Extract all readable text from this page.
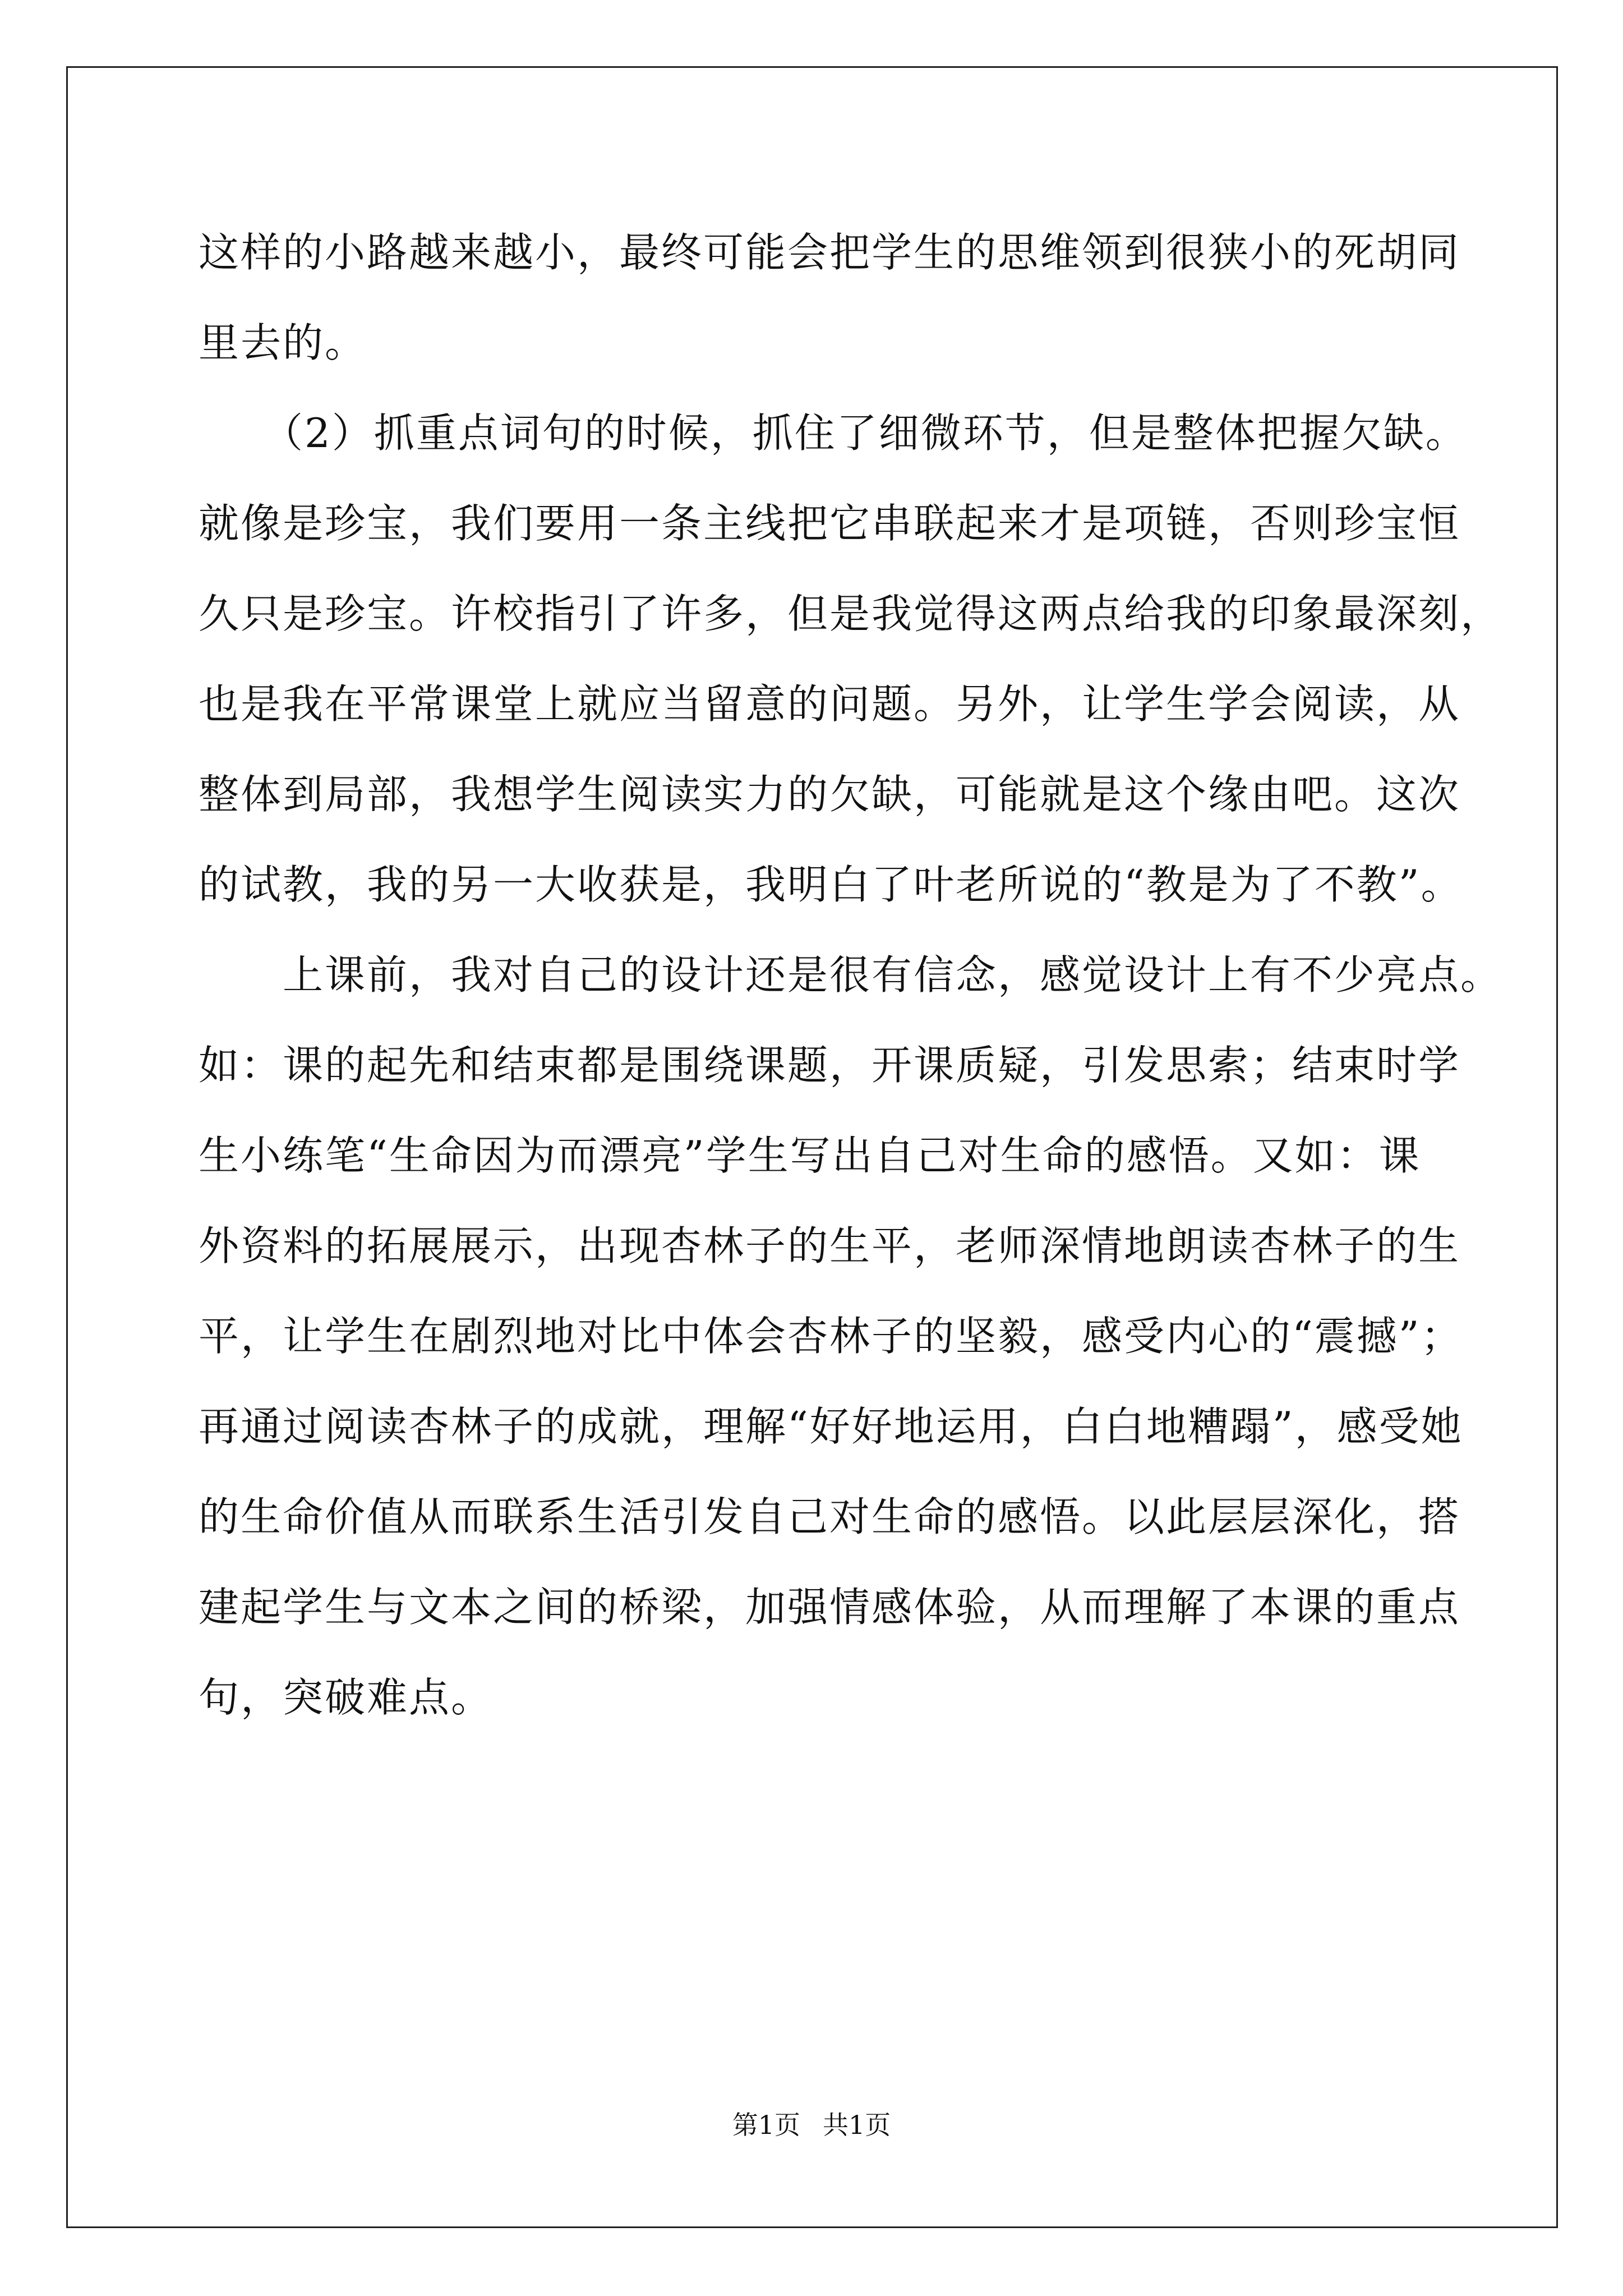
这样的小路越来越小，最终可能会把学生的思维领到很狭小的死胡同
里去的。
　　（2）抓重点词句的时候，抓住了细微环节，但是整体把握欠缺。
就像是珍宝，我们要用一条主线把它串联起来才是项链，否则珍宝恒
久只是珍宝。许校指引了许多，但是我觉得这两点给我的印象最深刻，
也是我在平常课堂上就应当留意的问题。另外，让学生学会阅读，从
整体到局部，我想学生阅读实力的欠缺，可能就是这个缘由吧。这次
的试教，我的另一大收获是，我明白了叶老所说的“教是为了不教”。
　　上课前，我对自己的设计还是很有信念，感觉设计上有不少亮点。
如：课的起先和结束都是围绕课题，开课质疑，引发思索；结束时学
生小练笔“生命因为而漂亮”学生写出自己对生命的感悟。又如：课
外资料的拓展展示，出现杏林子的生平，老师深情地朗读杏林子的生
平，让学生在剧烈地对比中体会杏林子的坚毅，感受内心的“震撼”；
再通过阅读杏林子的成就，理解“好好地运用，白白地糟蹋”，感受她
的生命价值从而联系生活引发自己对生命的感悟。以此层层深化，搭
建起学生与文本之间的桥梁，加强情感体验，从而理解了本课的重点
句，突破难点。
第1页 共1页
